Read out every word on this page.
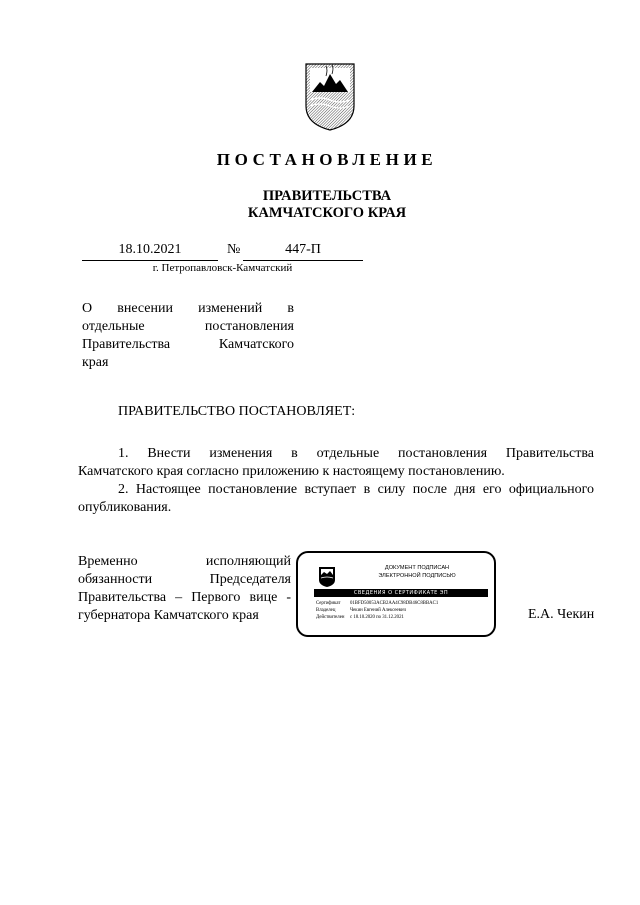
ПОСТАНОВЛЕНИЕ
ПРАВИТЕЛЬСТВА
КАМЧАТСКОГО КРАЯ
18.10.2021	№	447-П
г. Петропавловск-Камчатский
О внесении изменений в
отдельные постановления
Правительства Камчатского
края
ПРАВИТЕЛЬСТВО ПОСТАНОВЛЯЕТ:
1. Внести изменения в отдельные постановления Правительства
Камчатского края согласно приложению к настоящему постановлению.
2. Настоящее постановление вступает в силу после дня его официального
опубликования.
Временно исполняющий
обязанности Председателя
Правительства – Первого вице -
губернатора Камчатского края
ДОКУМЕНТ ПОДПИСАН
ЭЛЕКТРОННОЙ ПОДПИСЬЮ
СВЕДЕНИЯ О СЕРТИФИКАТЕ ЭП
Сертификат	01BFD50053ACB2AA4C98DB46C8BBAC1
Владелец	Чекин Евгений Алексеевич
Действителен	с 18.10.2020 по 31.12.2021	Е.А. Чекин
